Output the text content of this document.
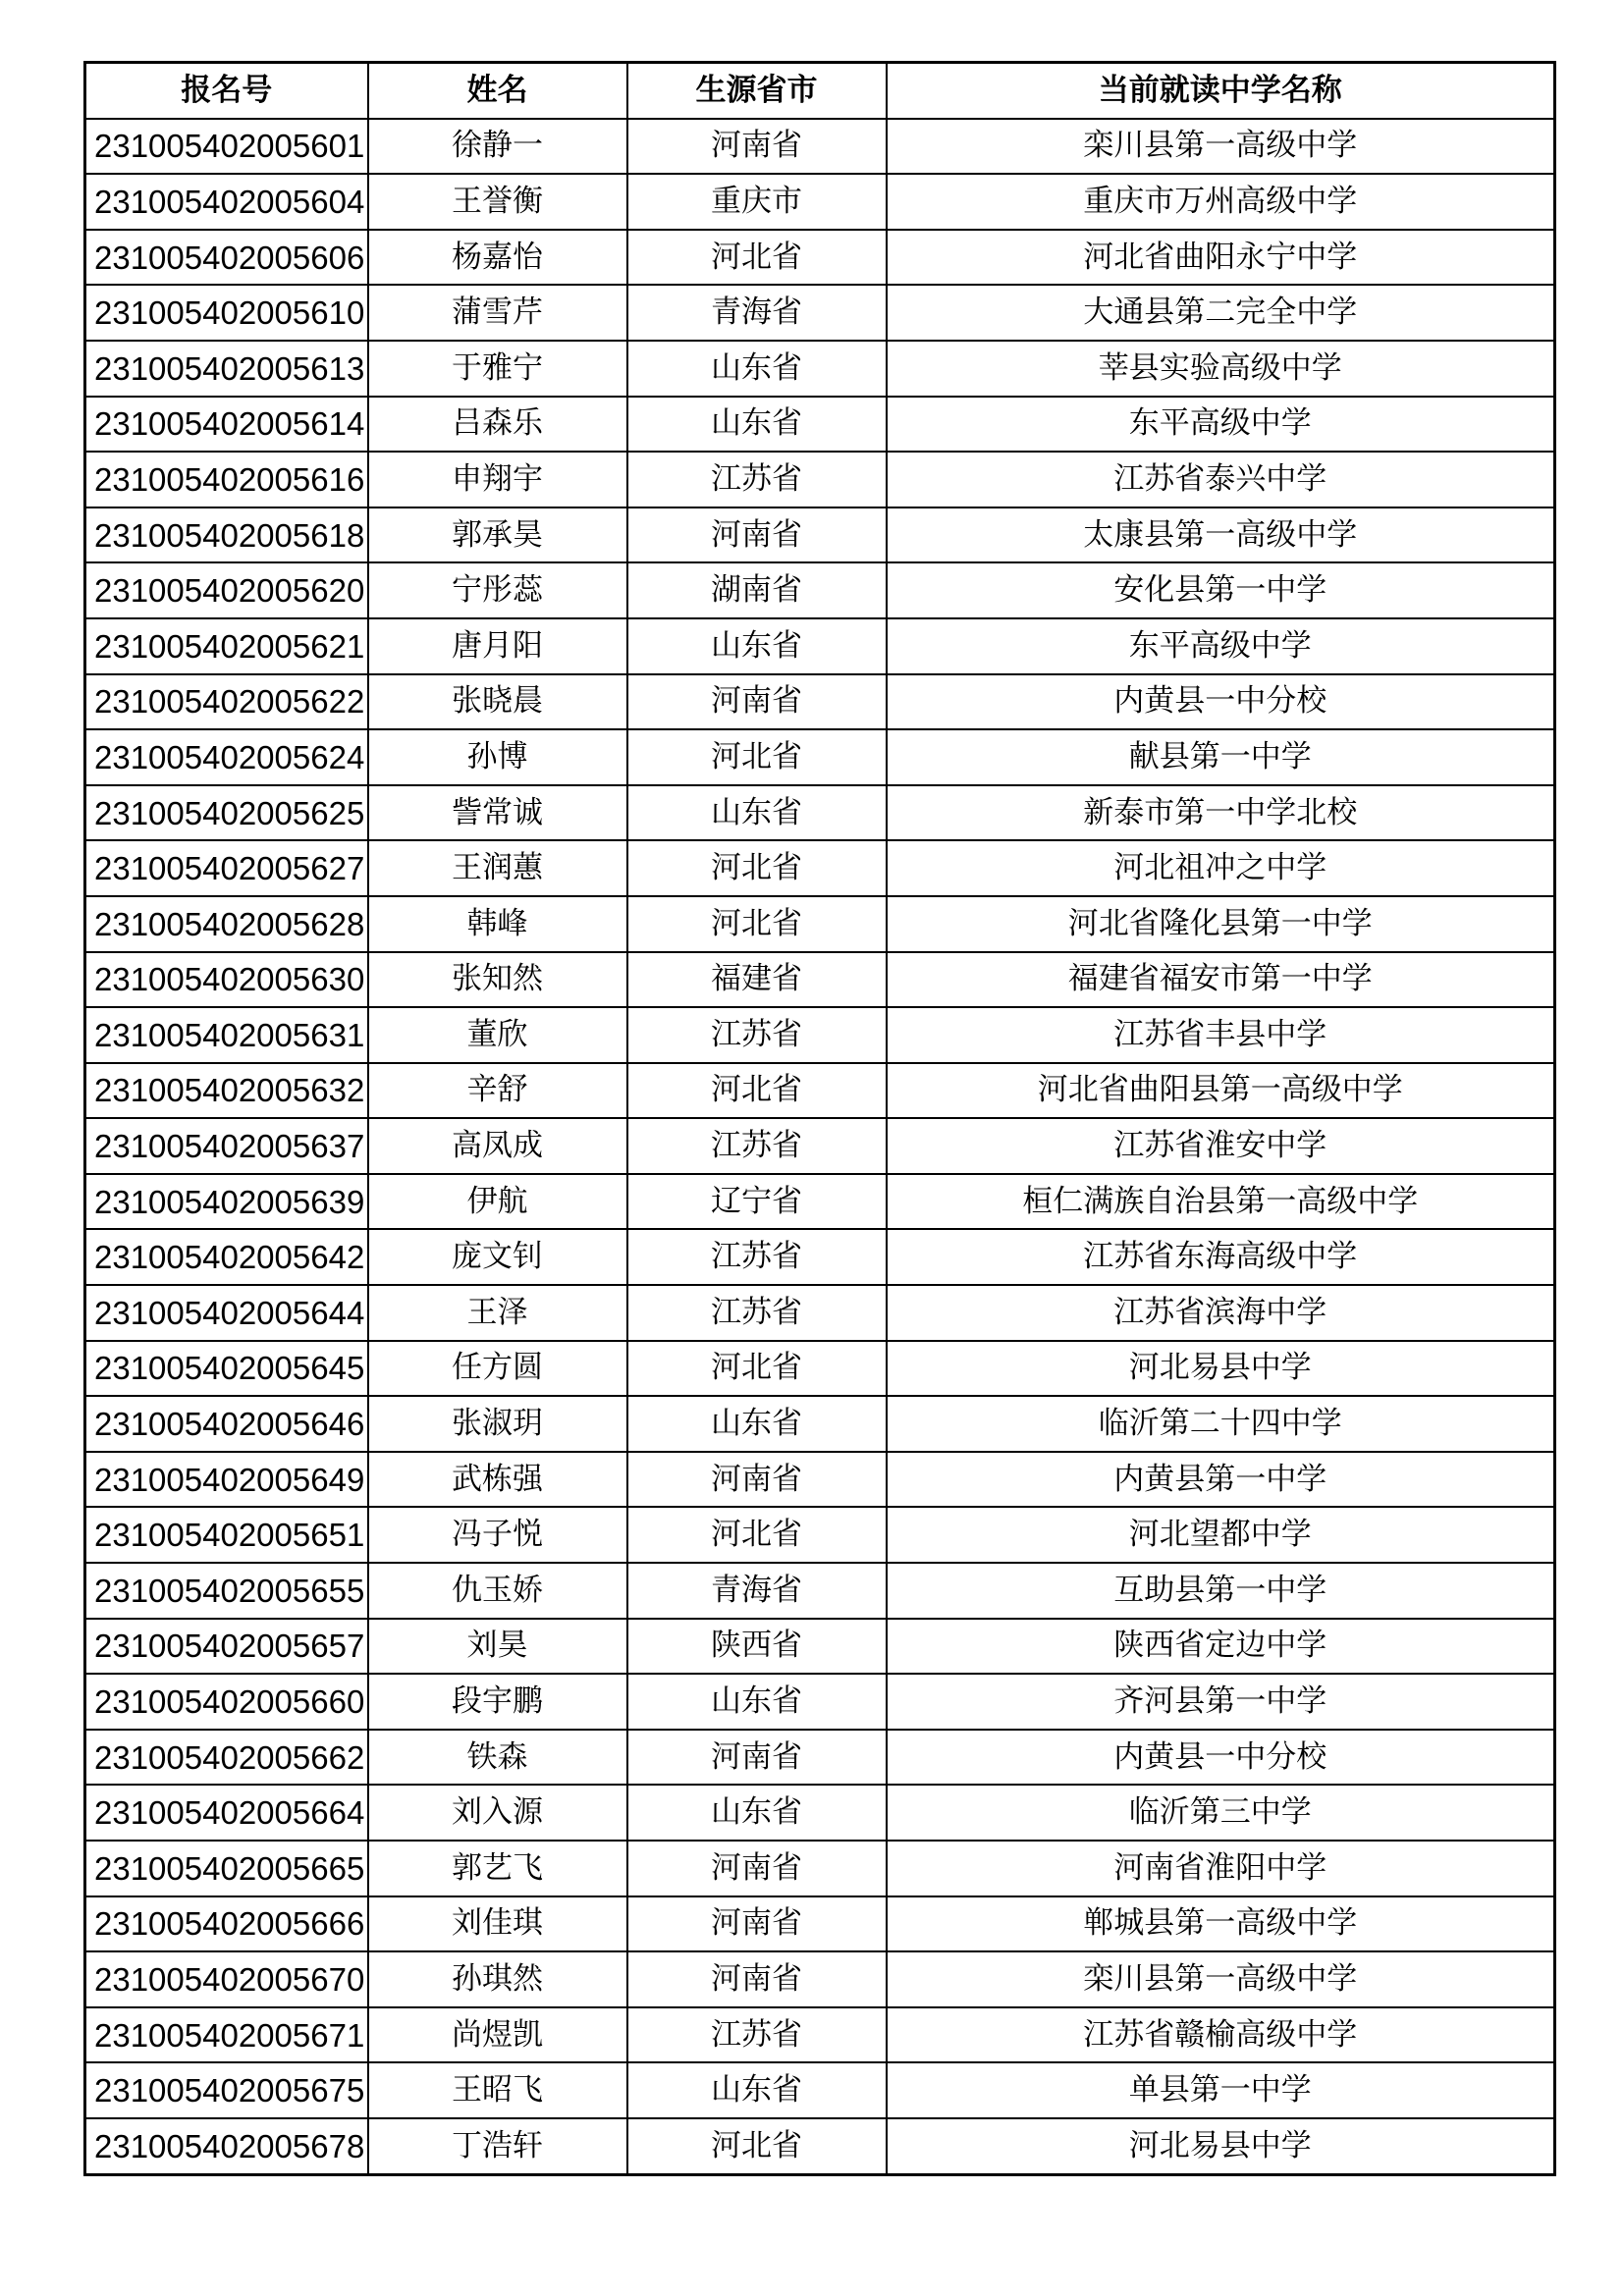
报名号	姓名	生源省市	当前就读中学名称
231005402005601	徐静一	河南省	栾川县第一高级中学
231005402005604	王誉衡	重庆市	重庆市万州高级中学
231005402005606	杨嘉怡	河北省	河北省曲阳永宁中学
231005402005610	蒲雪芹	青海省	大通县第二完全中学
231005402005613	于雅宁	山东省	莘县实验高级中学
231005402005614	吕森乐	山东省	东平高级中学
231005402005616	申翔宇	江苏省	江苏省泰兴中学
231005402005618	郭承昊	河南省	太康县第一高级中学
231005402005620	宁彤蕊	湖南省	安化县第一中学
231005402005621	唐月阳	山东省	东平高级中学
231005402005622	张晓晨	河南省	内黄县一中分校
231005402005624	孙博	河北省	献县第一中学
231005402005625	訾常诚	山东省	新泰市第一中学北校
231005402005627	王润蕙	河北省	河北祖冲之中学
231005402005628	韩峰	河北省	河北省隆化县第一中学
231005402005630	张知然	福建省	福建省福安市第一中学
231005402005631	董欣	江苏省	江苏省丰县中学
231005402005632	辛舒	河北省	河北省曲阳县第一高级中学
231005402005637	高凤成	江苏省	江苏省淮安中学
231005402005639	伊航	辽宁省	桓仁满族自治县第一高级中学
231005402005642	庞文钊	江苏省	江苏省东海高级中学
231005402005644	王泽	江苏省	江苏省滨海中学
231005402005645	任方圆	河北省	河北易县中学
231005402005646	张淑玥	山东省	临沂第二十四中学
231005402005649	武栋强	河南省	内黄县第一中学
231005402005651	冯子悦	河北省	河北望都中学
231005402005655	仇玉娇	青海省	互助县第一中学
231005402005657	刘昊	陕西省	陕西省定边中学
231005402005660	段宇鹏	山东省	齐河县第一中学
231005402005662	铁森	河南省	内黄县一中分校
231005402005664	刘入源	山东省	临沂第三中学
231005402005665	郭艺飞	河南省	河南省淮阳中学
231005402005666	刘佳琪	河南省	郸城县第一高级中学
231005402005670	孙琪然	河南省	栾川县第一高级中学
231005402005671	尚煜凯	江苏省	江苏省赣榆高级中学
231005402005675	王昭飞	山东省	单县第一中学
231005402005678	丁浩轩	河北省	河北易县中学
